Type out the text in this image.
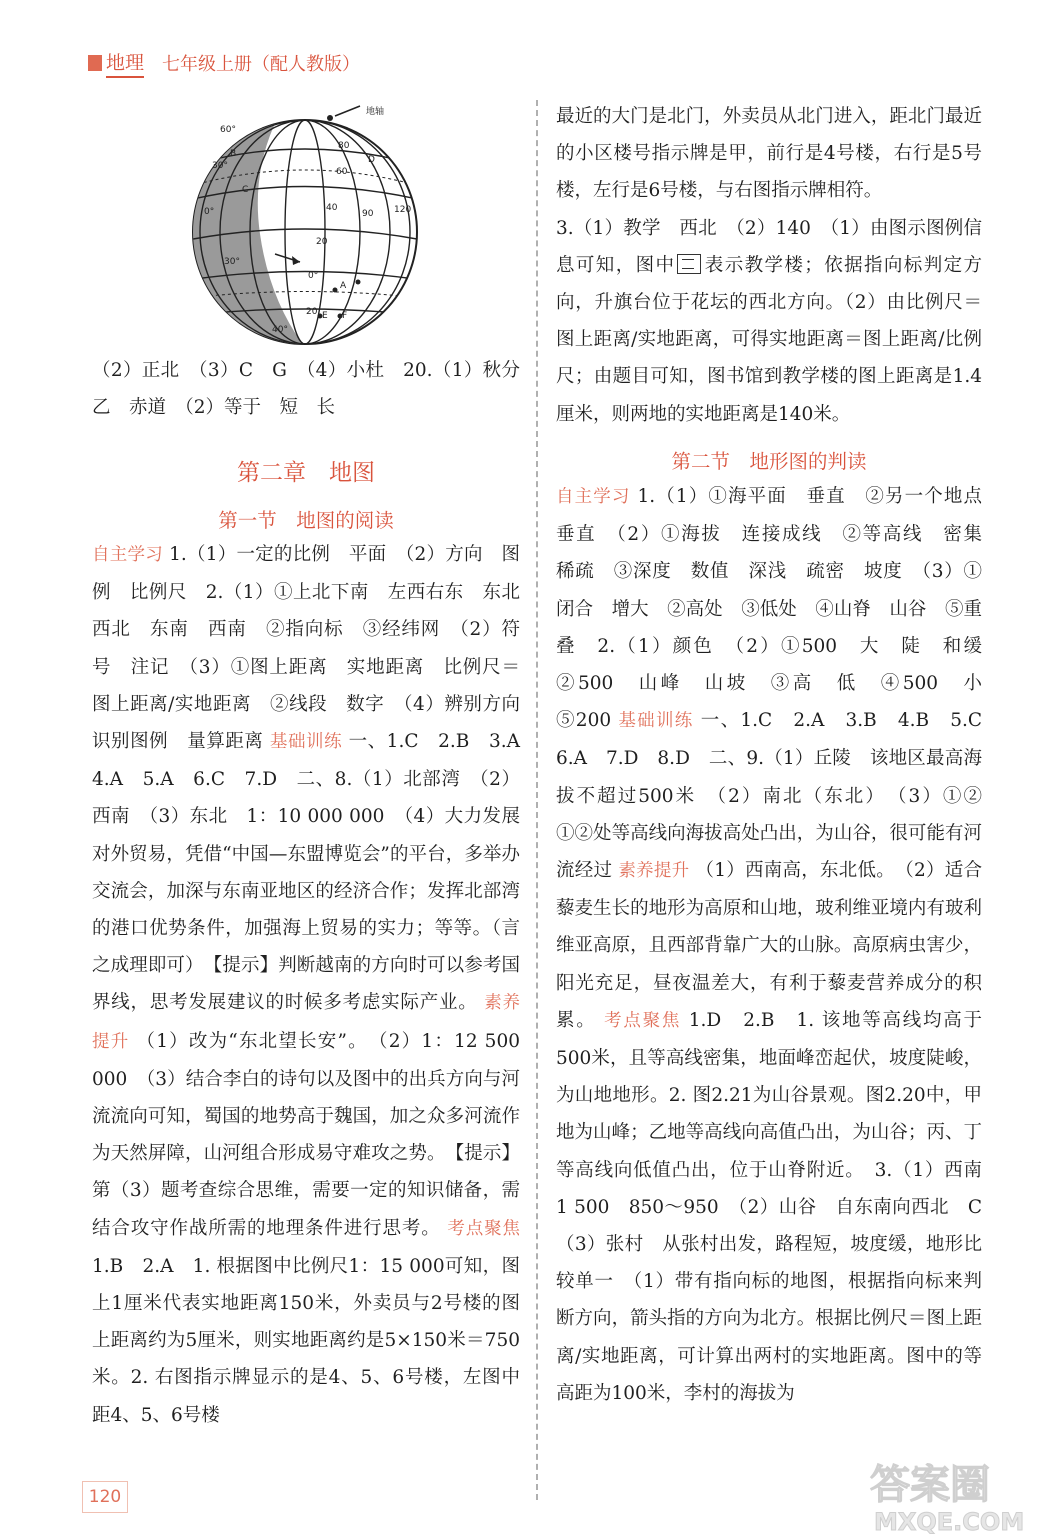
地理 七年级上册（配人教版）
地轴
60°
30°
0°
30°
B
C
D
80
60
40
90 120
20
0°
20
A
E F
40°

（2）正北　（3）C　G　（4）小杜　20.（1）秋分　乙　赤道　（2）等于　短　长

第二章　地图
第一节　地图的阅读

自主学习 1.（1）一定的比例　平面　（2）方向　图例　比例尺　2.（1）①上北下南　左西右东　东北　西北　东南　西南　②指向标　③经纬网　（2）符号　注记　（3）①图上距离　实地距离　比例尺＝图上距离/实地距离　②线段　数字　（4）辨别方向　识别图例　量算距离 基础训练 一、1.C　2.B　3.A　4.A　5.A　6.C　7.D　二、8.（1）北部湾　（2）西南　（3）东北　1：10 000 000　（4）大力发展对外贸易，凭借“中国—东盟博览会”的平台，多举办交流会，加深与东南亚地区的经济合作；发挥北部湾的港口优势条件，加强海上贸易的实力；等等。（言之成理即可）　【提示】判断越南的方向时可以参考国界线，思考发展建议的时候多考虑实际产业。 素养提升 （1）改为“东北望长安”。　（2）1：12 500 000　（3）结合李白的诗句以及图中的出兵方向与河流流向可知，蜀国的地势高于魏国，加之众多河流作为天然屏障，山河组合形成易守难攻之势。　【提示】第（3）题考查综合思维，需要一定的知识储备，需结合攻守作战所需的地理条件进行思考。 考点聚焦 1.B　2.A　1. 根据图中比例尺1：15 000可知，图上1厘米代表实地距离150米，外卖员与2号楼的图上距离约为5厘米，则实地距离约是5×150米＝750米。2. 右图指示牌显示的是4、5、6号楼，左图中距4、5、6号楼

最近的大门是北门，外卖员从北门进入，距北门最近的小区楼号指示牌是甲，前行是4号楼，右行是5号楼，左行是6号楼，与右图指示牌相符。

3.（1）教学　西北　（2）140　（1）由图示图例信息可知，图中 表示教学楼；依据指向标判定方向，升旗台位于花坛的西北方向。（2）由比例尺＝图上距离/实地距离，可得实地距离＝图上距离/比例尺；由题目可知，图书馆到教学楼的图上距离是1.4厘米，则两地的实地距离是140米。

第二节　地形图的判读

自主学习 1.（1）①海平面　垂直　②另一个地点　垂直　（2）①海拔　连接成线　②等高线　密集　稀疏　③深度　数值　深浅　疏密　坡度　（3）①闭合　增大　②高处　③低处　④山脊　山谷　⑤重叠　2.（1）颜色　（2）①500　大　陡　和缓　②500　山峰　山坡　③高　低　④500　小　⑤200 基础训练 一、1.C　2.A　3.B　4.B　5.C　6.A　7.D　8.D　二、9.（1）丘陵　该地区最高海拔不超过500米　（2）南北（东北）　（3）①②　①②处等高线向海拔高处凸出，为山谷，很可能有河流经过 素养提升 （1）西南高，东北低。　（2）适合藜麦生长的地形为高原和山地，玻利维亚境内有玻利维亚高原，且西部背靠广大的山脉。高原病虫害少，阳光充足，昼夜温差大，有利于藜麦营养成分的积累。 考点聚焦 1.D　2.B　1. 该地等高线均高于500米，且等高线密集，地面峰峦起伏，坡度陡峻，为山地地形。2. 图2.21为山谷景观。图2.20中，甲地为山峰；乙地等高线向高值凸出，为山谷；丙、丁等高线向低值凸出，位于山脊附近。　3.（1）西南　1 500　850～950　（2）山谷　自东南向西北　C　（3）张村　从张村出发，路程短，坡度缓，地形比较单一　（1）带有指向标的地图，根据指向标来判断方向，箭头指的方向为北方。根据比例尺＝图上距离/实地距离，可计算出两村的实地距离。图中的等高距为100米，李村的海拔为

120	答案圈
MXQE.COM
